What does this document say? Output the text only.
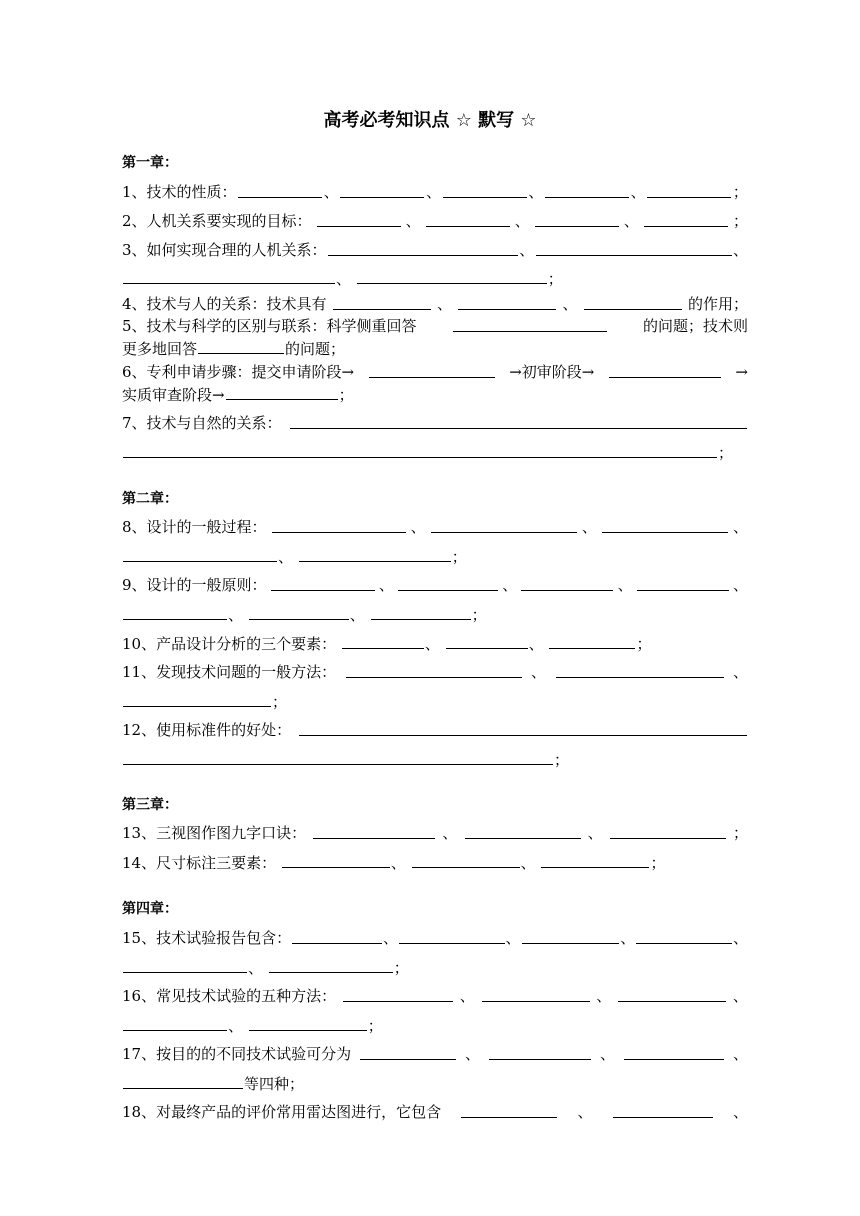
高考必考知识点 ☆ 默写 ☆
第一章：
1、技术的性质：	、	、	、	、	；
2、人机关系要实现的目标：	、	、	、	；
3、如何实现合理的人机关系：	、	、
、	；
4、技术与人的关系：技术具有	、	、	的作用；
5、技术与科学的区别与联系：科学侧重回答	的问题；技术则
更多地回答	的问题；
6、专利申请步骤：提交申请阶段→	→初审阶段→	→
实质审查阶段→	；
7、技术与自然的关系：
；
第二章：
8、设计的一般过程：	、	、	、
、	；
9、设计的一般原则：	、	、	、	、
、	、	；
10、产品设计分析的三个要素：	、	、	；
11、发现技术问题的一般方法：	、	、
；
12、使用标准件的好处：
；
第三章：
13、三视图作图九字口诀：	、	、	；
14、尺寸标注三要素：	、	、	；
第四章：
15、技术试验报告包含：	、	、	、	、
、	；
16、常见技术试验的五种方法：	、	、	、
、	；
17、按目的的不同技术试验可分为	、	、	、
等四种；
18、对最终产品的评价常用雷达图进行，它包含	、	、
